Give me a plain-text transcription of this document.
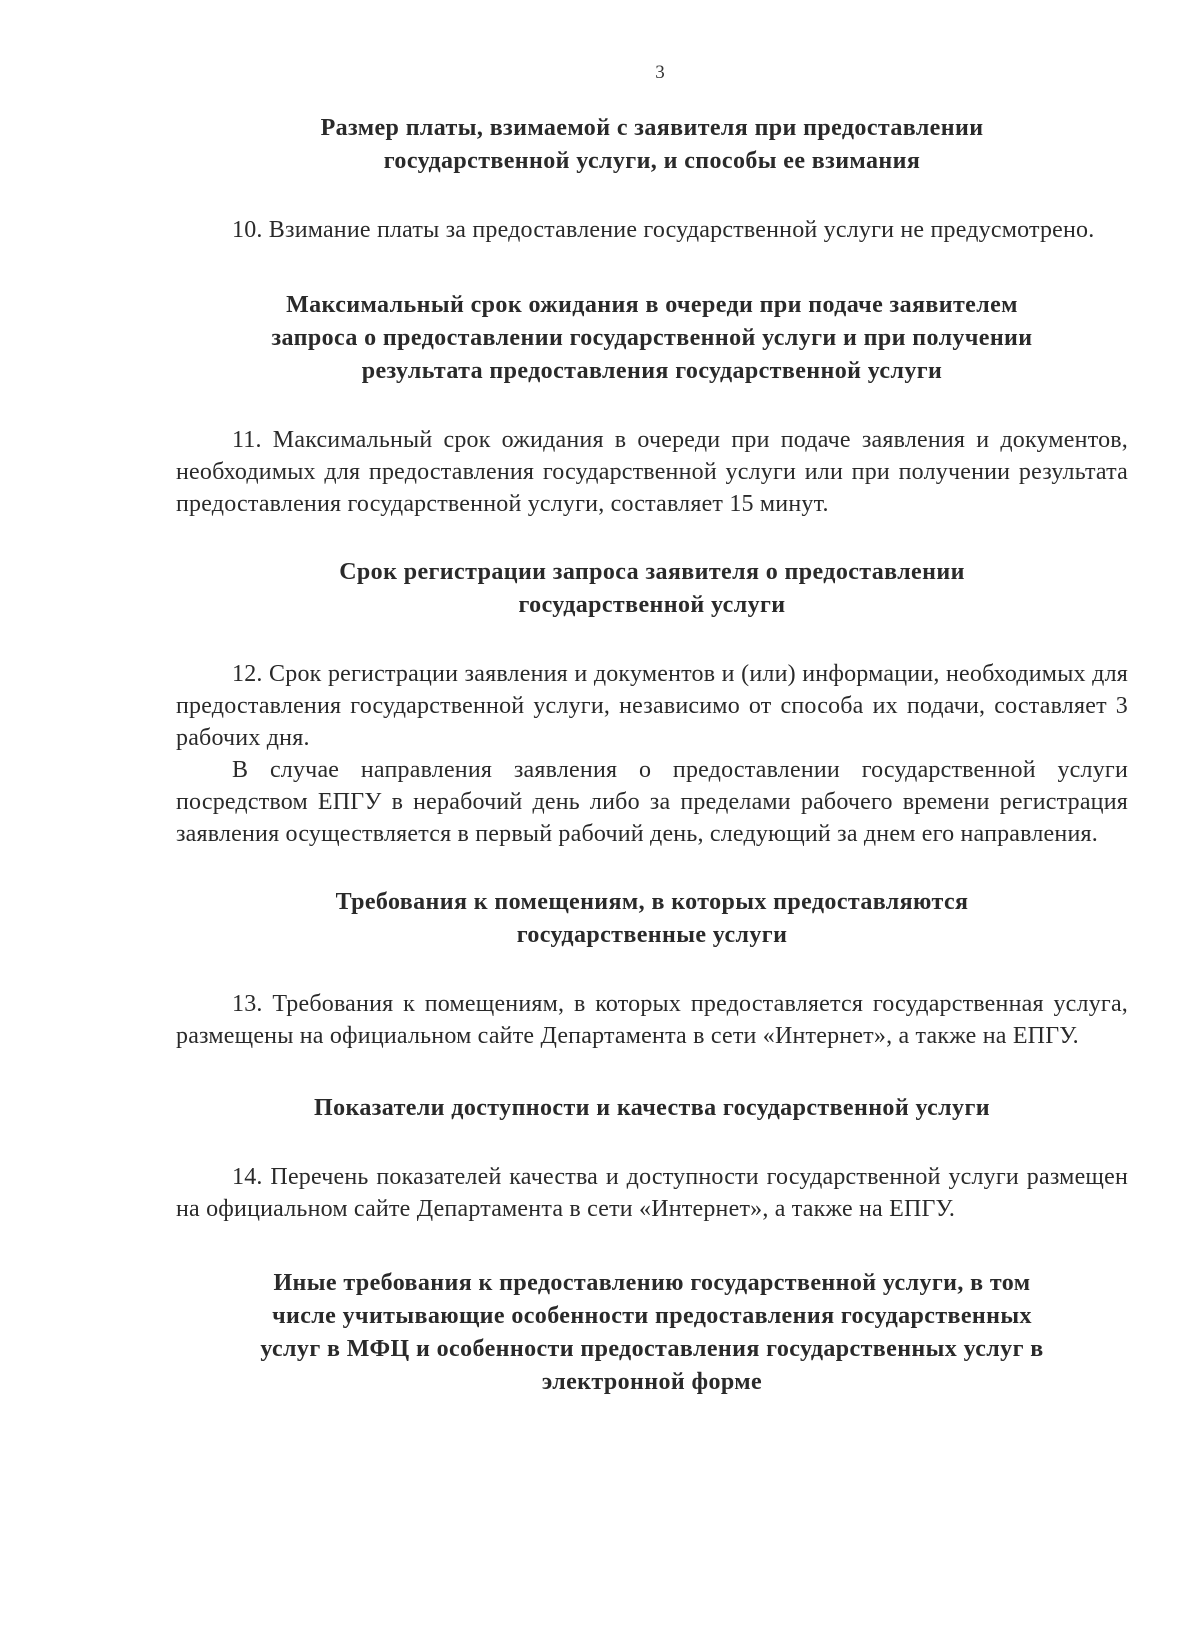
3
Размер платы, взимаемой с заявителя при предоставлении
государственной услуги, и способы ее взимания

10. Взимание платы за предоставление государственной услуги не предусмотрено.

Максимальный срок ожидания в очереди при подаче заявителем
запроса о предоставлении государственной услуги и при получении
результата предоставления государственной услуги

11. Максимальный срок ожидания в очереди при подаче заявления и документов, необходимых для предоставления государственной услуги или при получении результата предоставления государственной услуги, составляет 15 минут.

Срок регистрации запроса заявителя о предоставлении
государственной услуги

12. Срок регистрации заявления и документов и (или) информации, необходимых для предоставления государственной услуги, независимо от способа их подачи, составляет 3 рабочих дня.

В случае направления заявления о предоставлении государственной услуги посредством ЕПГУ в нерабочий день либо за пределами рабочего времени регистрация заявления осуществляется в первый рабочий день, следующий за днем его направления.

Требования к помещениям, в которых предоставляются
государственные услуги

13. Требования к помещениям, в которых предоставляется государственная услуга, размещены на официальном сайте Департамента в сети «Интернет», а также на ЕПГУ.

Показатели доступности и качества государственной услуги

14. Перечень показателей качества и доступности государственной услуги размещен на официальном сайте Департамента в сети «Интернет», а также на ЕПГУ.

Иные требования к предоставлению государственной услуги, в том
числе учитывающие особенности предоставления государственных
услуг в МФЦ и особенности предоставления государственных услуг в
электронной форме
